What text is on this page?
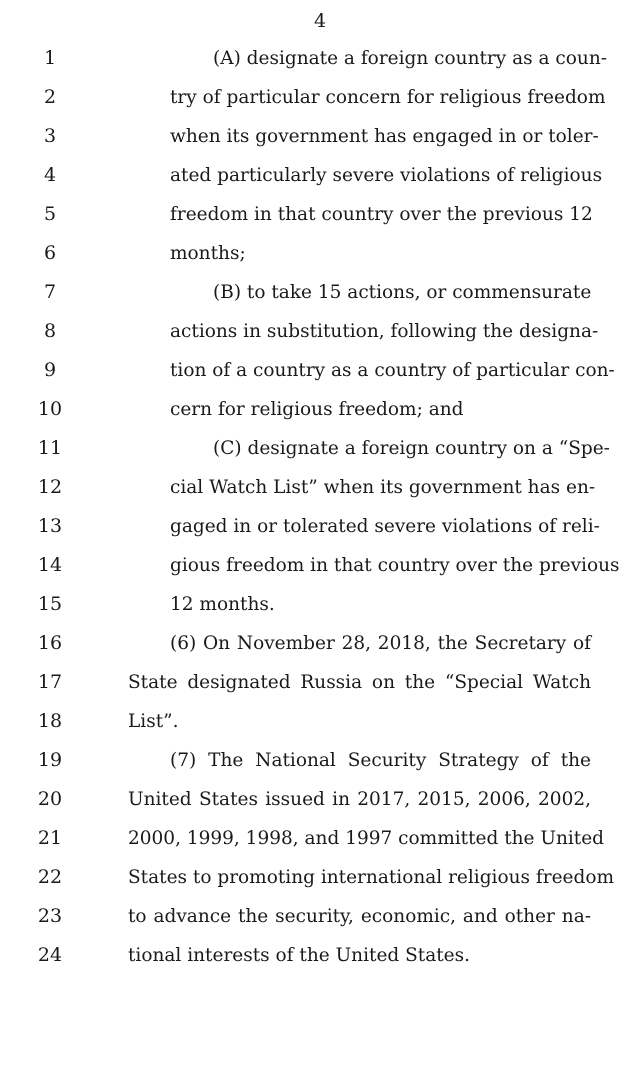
4
1
2
3
4
5
6
7
8
9
10
11
12
13
14
15
16
17
18
19
20
21
22
23
24
(A) designate a foreign country as a coun-
try of particular concern for religious freedom
when its government has engaged in or toler-
ated particularly severe violations of religious
freedom in that country over the previous 12
months;
(B) to take 15 actions, or commensurate
actions in substitution, following the designa-
tion of a country as a country of particular con-
cern for religious freedom; and
(C) designate a foreign country on a “Spe-
cial Watch List” when its government has en-
gaged in or tolerated severe violations of reli-
gious freedom in that country over the previous
12 months.
(6) On November 28, 2018, the Secretary of
State designated Russia on the “Special Watch
List”.
(7) The National Security Strategy of the
United States issued in 2017, 2015, 2006, 2002,
2000, 1999, 1998, and 1997 committed the United
States to promoting international religious freedom
to advance the security, economic, and other na-
tional interests of the United States.
